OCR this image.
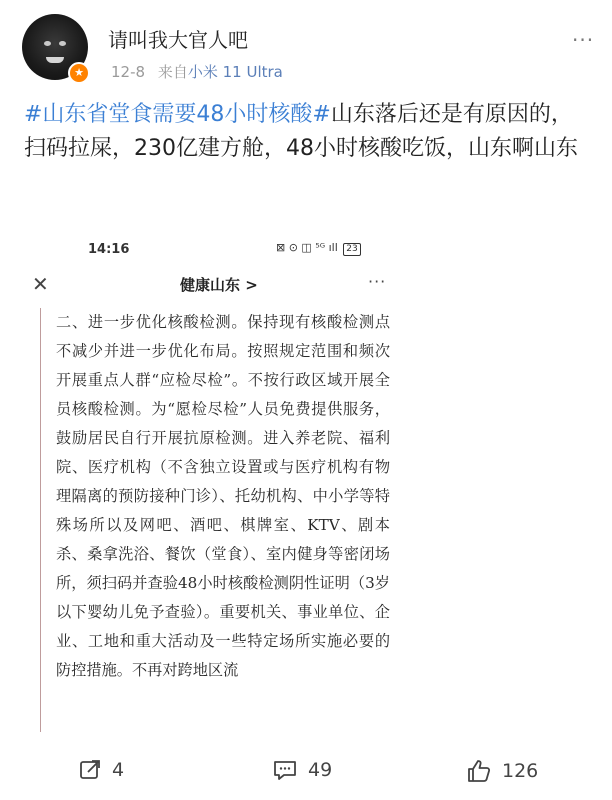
★
请叫我大官人吧
12-8 来自小米 11 Ultra
···
#山东省堂食需要48小时核酸#山东落后还是有原因的，扫码拉屎，230亿建方舱，48小时核酸吃饭，山东啊山东
14:16	⊠ ⊙ ◫ ⁵ᴳ ıll 23
✕	健康山东 >	···
二、进一步优化核酸检测。保持现有核酸检测点不减少并进一步优化布局。按照规定范围和频次开展重点人群“应检尽检”。不按行政区域开展全员核酸检测。为“愿检尽检”人员免费提供服务，鼓励居民自行开展抗原检测。进入养老院、福利院、医疗机构（不含独立设置或与医疗机构有物理隔离的预防接种门诊）、托幼机构、中小学等特殊场所以及网吧、酒吧、棋牌室、KTV、剧本杀、桑拿洗浴、餐饮（堂食）、室内健身等密闭场所，须扫码并查验48小时核酸检测阴性证明（3岁以下婴幼儿免予查验）。重要机关、事业单位、企业、工地和重大活动及一些特定场所实施必要的防控措施。不再对跨地区流
4	49	126
